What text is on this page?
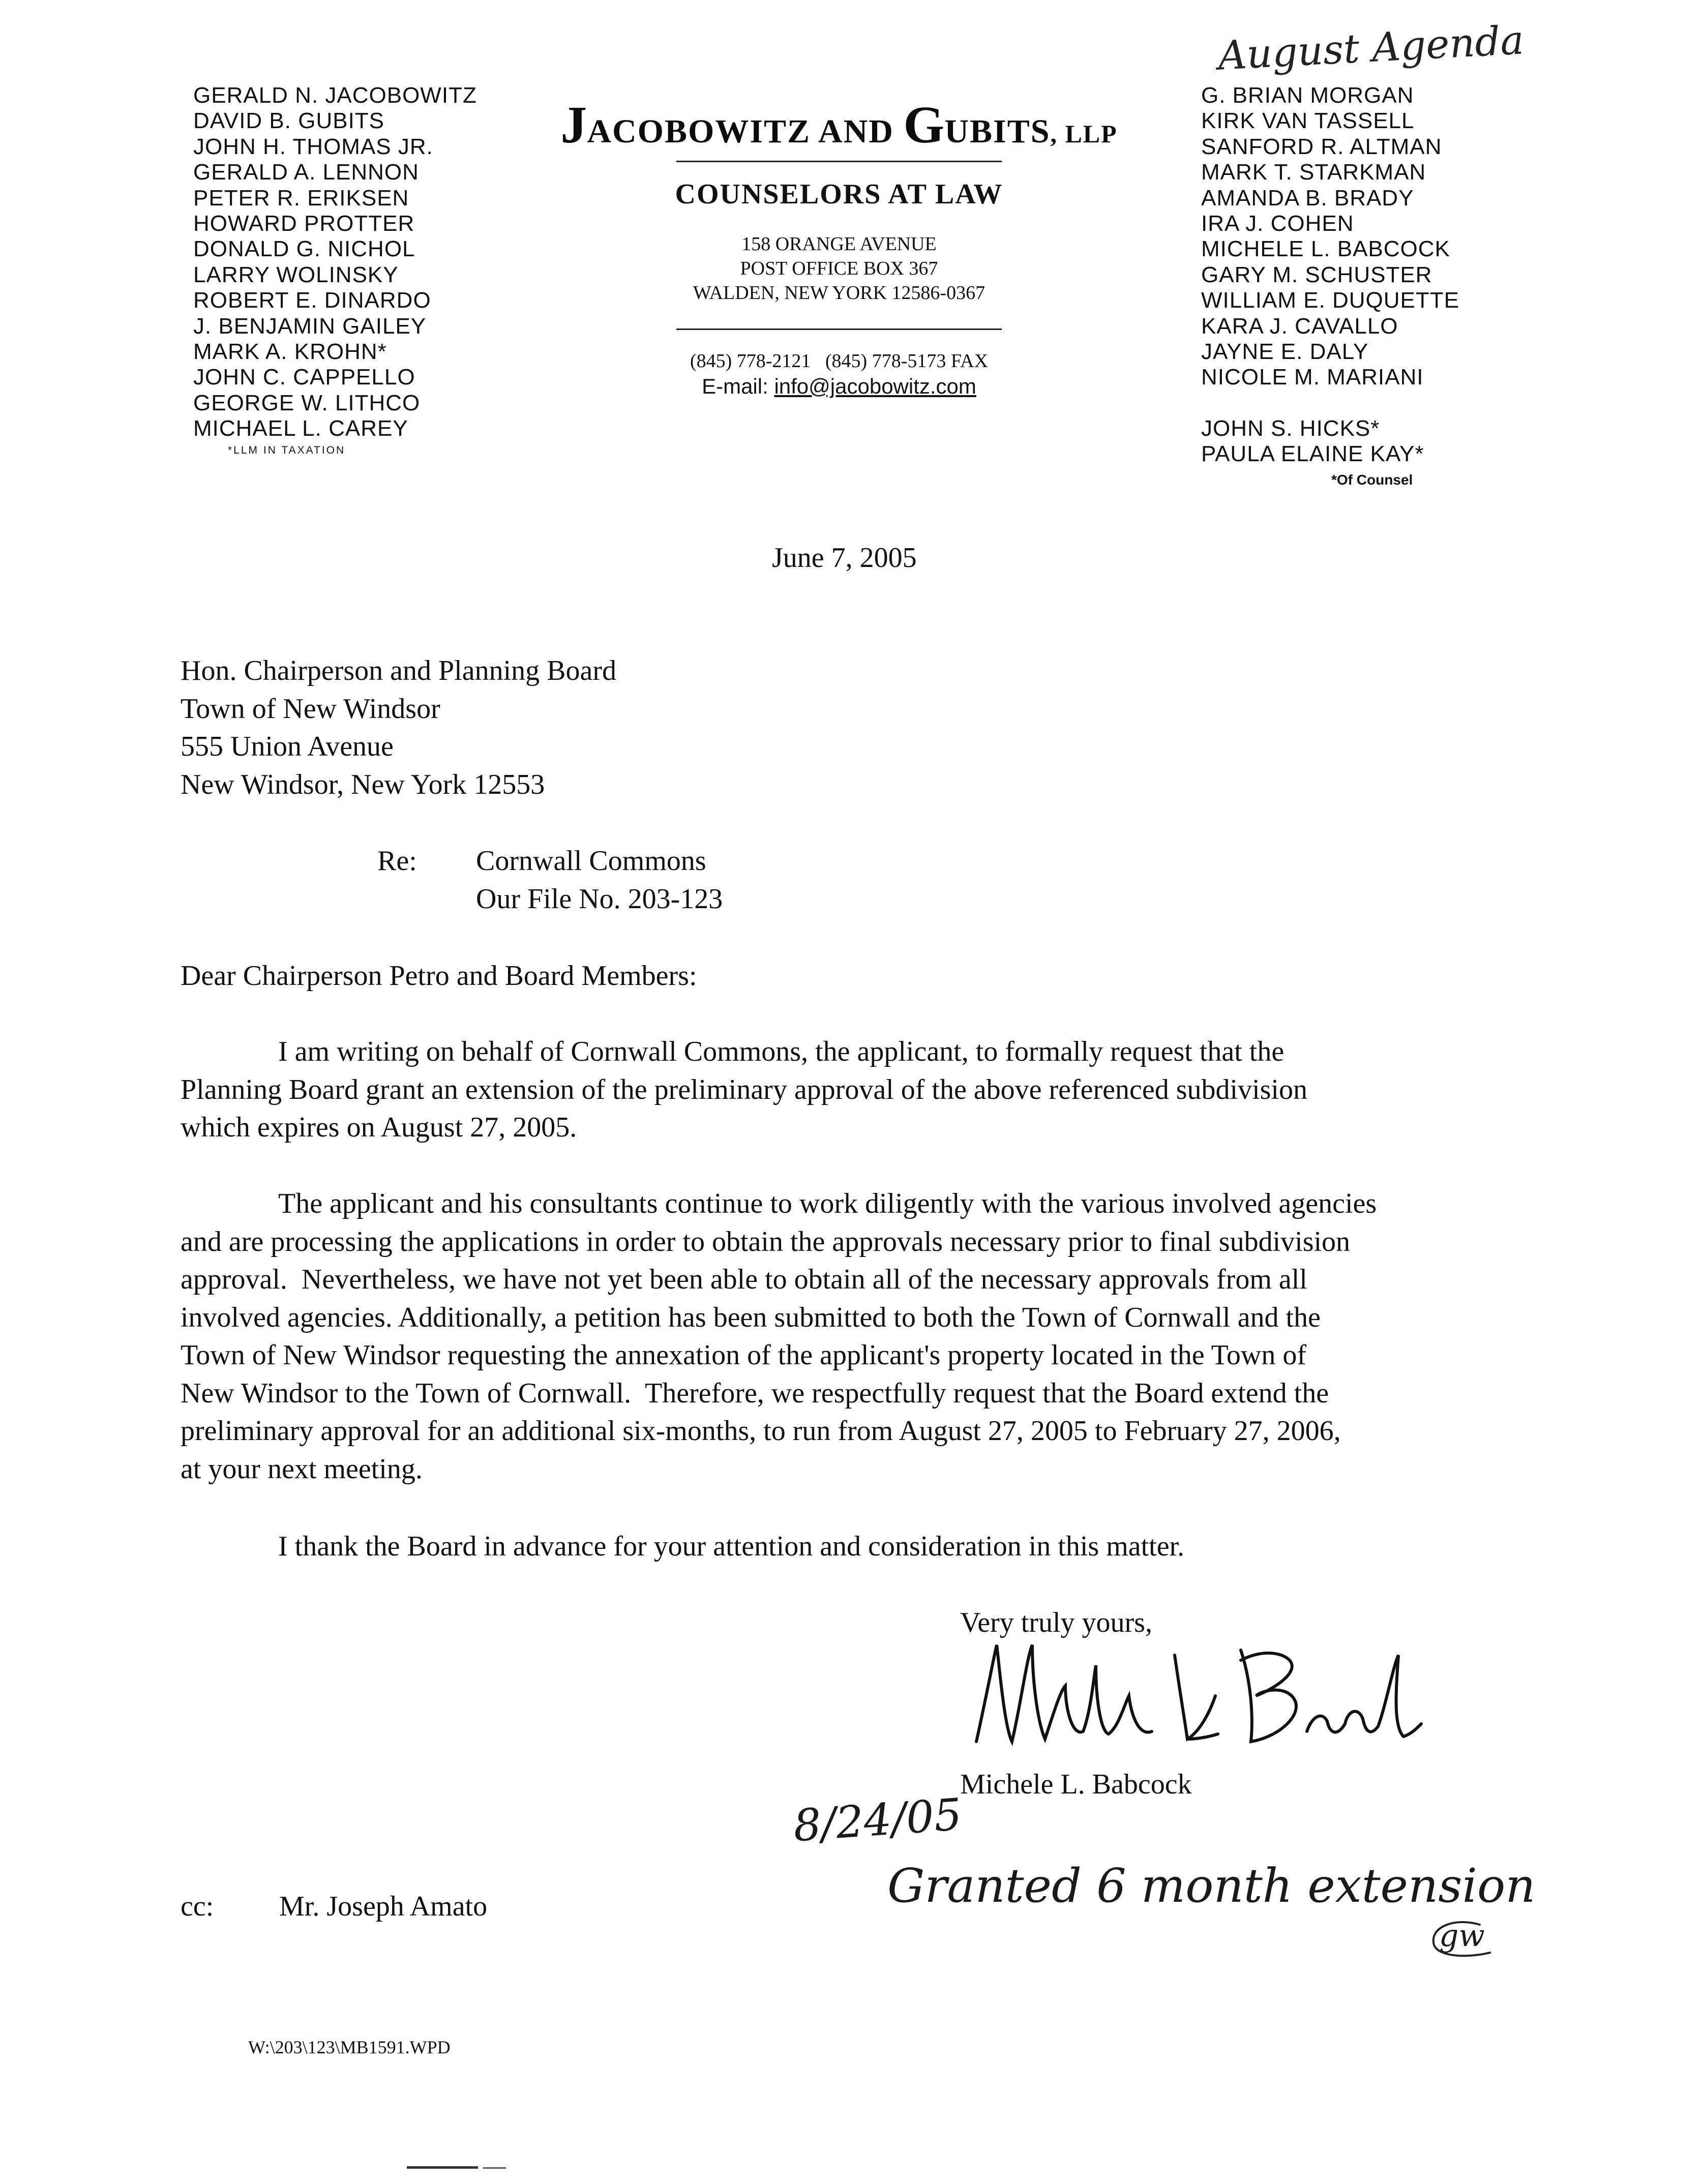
GERALD N. JACOBOWITZ
DAVID B. GUBITS
JOHN H. THOMAS JR.
GERALD A. LENNON
PETER R. ERIKSEN
HOWARD PROTTER
DONALD G. NICHOL
LARRY WOLINSKY
ROBERT E. DINARDO
J. BENJAMIN GAILEY
MARK A. KROHN*
JOHN C. CAPPELLO
GEORGE W. LITHCO
MICHAEL L. CAREY
*LLM IN TAXATION
JACOBOWITZ AND GUBITS, LLP
COUNSELORS AT LAW
158 ORANGE AVENUE
POST OFFICE BOX 367
WALDEN, NEW YORK 12586-0367
(845) 778-2121   (845) 778-5173 FAX
E-mail: info@jacobowitz.com
G. BRIAN MORGAN
KIRK VAN TASSELL
SANFORD R. ALTMAN
MARK T. STARKMAN
AMANDA B. BRADY
IRA J. COHEN
MICHELE L. BABCOCK
GARY M. SCHUSTER
WILLIAM E. DUQUETTE
KARA J. CAVALLO
JAYNE E. DALY
NICOLE M. MARIANI
JOHN S. HICKS*
PAULA ELAINE KAY*
*Of Counsel
August Agenda
June 7, 2005
Hon. Chairperson and Planning Board
Town of New Windsor
555 Union Avenue
New Windsor, New York 12553
Re: Cornwall Commons
Our File No. 203-123
Dear Chairperson Petro and Board Members:
I am writing on behalf of Cornwall Commons, the applicant, to formally request that the
Planning Board grant an extension of the preliminary approval of the above referenced subdivision
which expires on August 27, 2005.
The applicant and his consultants continue to work diligently with the various involved agencies
and are processing the applications in order to obtain the approvals necessary prior to final subdivision
approval.  Nevertheless, we have not yet been able to obtain all of the necessary approvals from all
involved agencies. Additionally, a petition has been submitted to both the Town of Cornwall and the
Town of New Windsor requesting the annexation of the applicant's property located in the Town of
New Windsor to the Town of Cornwall.  Therefore, we respectfully request that the Board extend the
preliminary approval for an additional six-months, to run from August 27, 2005 to February 27, 2006,
at your next meeting.
I thank the Board in advance for your attention and consideration in this matter.
Very truly yours,
Michele L. Babcock
8/24/05
Granted 6 month extension
gw
cc: Mr. Joseph Amato
W:\203\123\MB1591.WPD
